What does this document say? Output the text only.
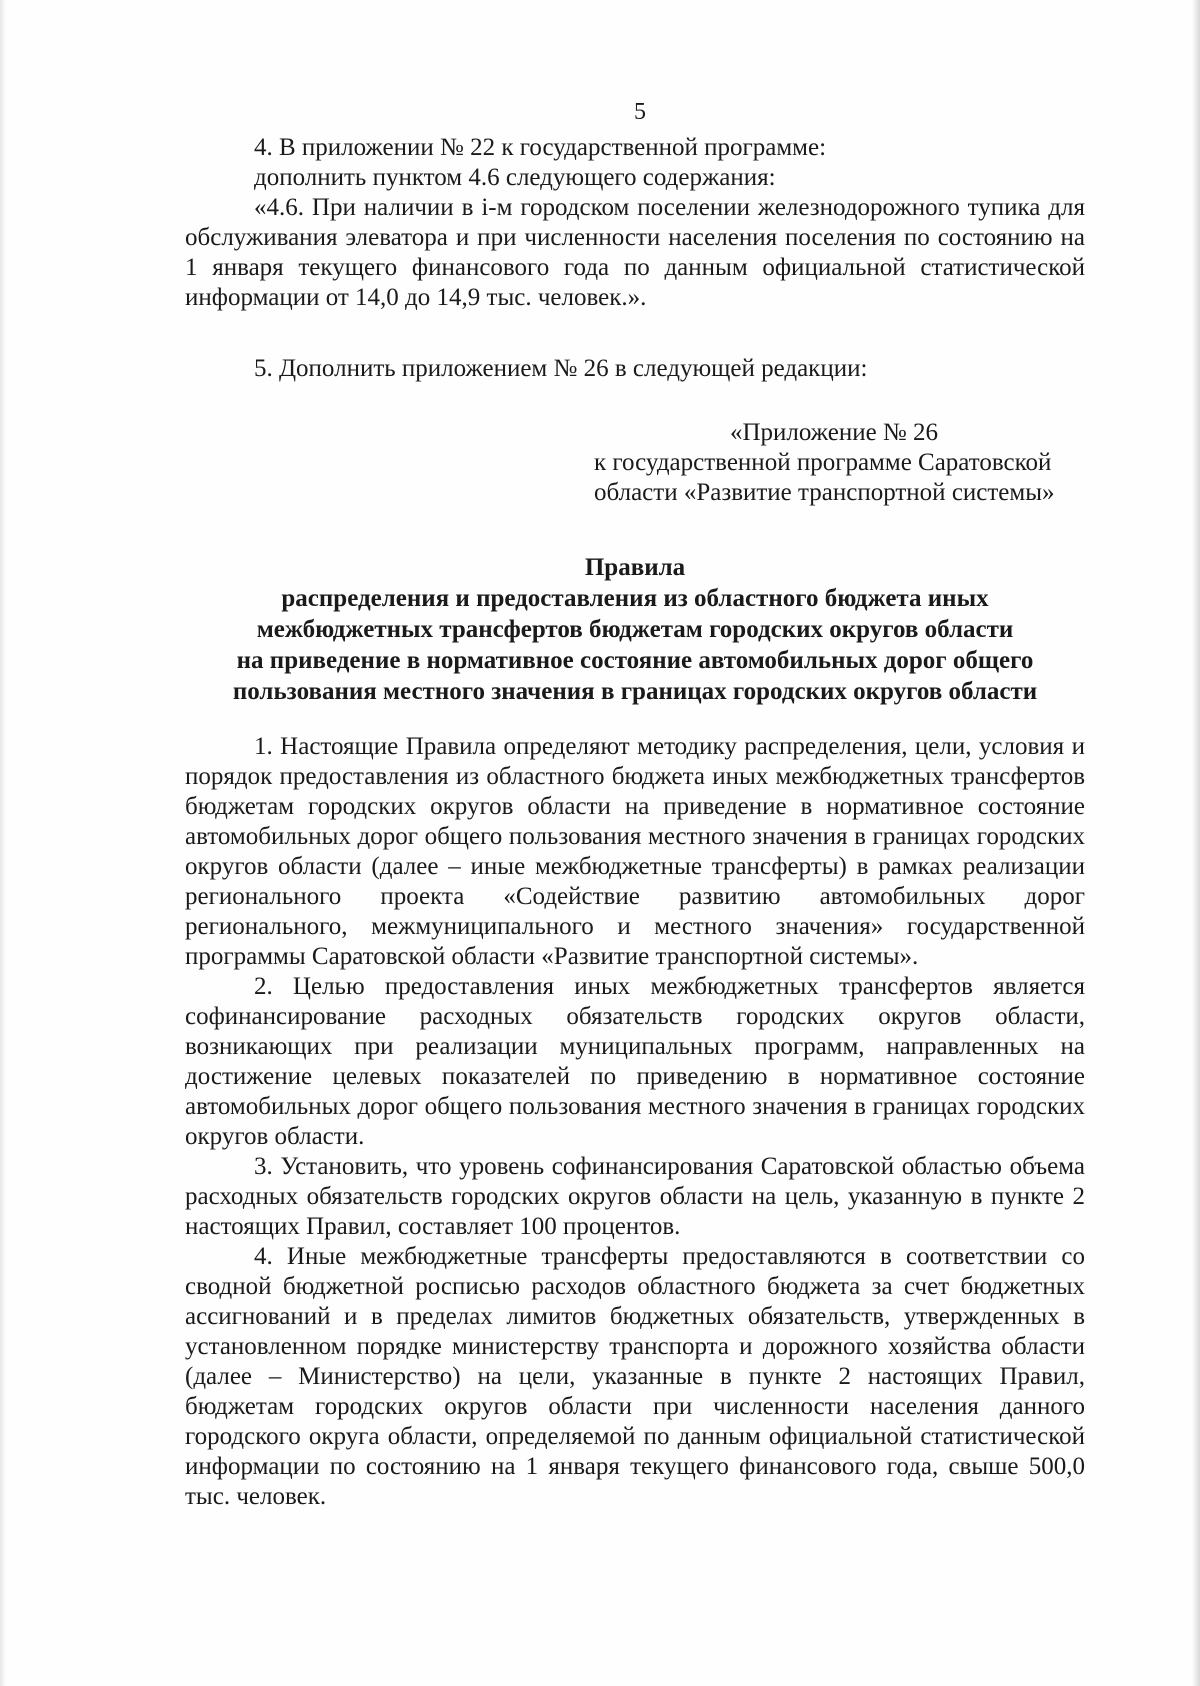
5

4. В приложении № 22 к государственной программе:

дополнить пунктом 4.6 следующего содержания:

«4.6. При наличии в i-м городском поселении железнодорожного тупика для обслуживания элеватора и при численности населения поселения по состоянию на 1 января текущего финансового года по данным официальной статистической информации от 14,0 до 14,9 тыс. человек.».

5. Дополнить приложением № 26 в следующей редакции:

«Приложение № 26
к государственной программе Саратовской
области «Развитие транспортной системы»

Правила

распределения и предоставления из областного бюджета иных
межбюджетных трансфертов бюджетам городских округов области
на приведение в нормативное состояние автомобильных дорог общего
пользования местного значения в границах городских округов области

1. Настоящие Правила определяют методику распределения, цели, условия и порядок предоставления из областного бюджета иных межбюджетных трансфертов бюджетам городских округов области на приведение в нормативное состояние автомобильных дорог общего пользования местного значения в границах городских округов области (далее – иные межбюджетные трансферты) в рамках реализации регионального проекта «Содействие развитию автомобильных дорог регионального, межмуниципального и местного значения» государственной программы Саратовской области «Развитие транспортной системы».

2. Целью предоставления иных межбюджетных трансфертов является софинансирование расходных обязательств городских округов области, возникающих при реализации муниципальных программ, направленных на достижение целевых показателей по приведению в нормативное состояние автомобильных дорог общего пользования местного значения в границах городских округов области.

3. Установить, что уровень софинансирования Саратовской областью объема расходных обязательств городских округов области на цель, указанную в пункте 2 настоящих Правил, составляет 100 процентов.

4. Иные межбюджетные трансферты предоставляются в соответствии со сводной бюджетной росписью расходов областного бюджета за счет бюджетных ассигнований и в пределах лимитов бюджетных обязательств, утвержденных в установленном порядке министерству транспорта и дорожного хозяйства области (далее – Министерство) на цели, указанные в пункте 2 настоящих Правил, бюджетам городских округов области при численности населения данного городского округа области, определяемой по данным официальной статистической информации по состоянию на 1 января текущего финансового года, свыше 500,0 тыс. человек.
